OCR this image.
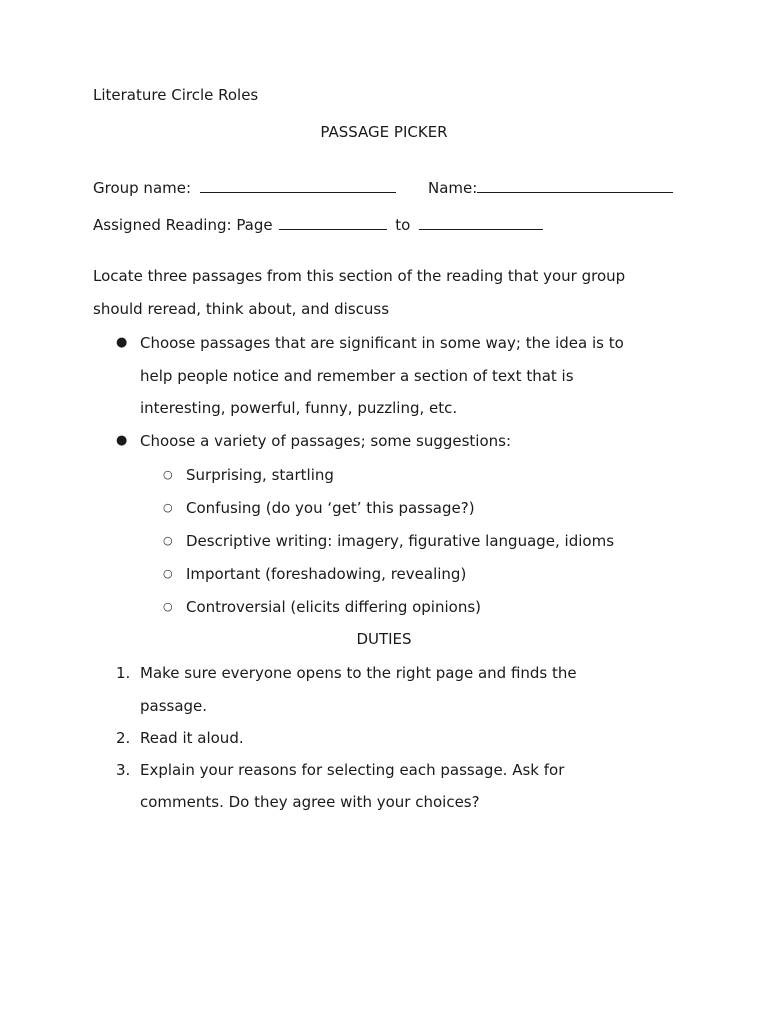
Literature Circle Roles
PASSAGE PICKER
Group name:	Name:
Assigned Reading: Page	to
Locate three passages from this section of the reading that your group
should reread, think about, and discuss
● Choose passages that are significant in some way; the idea is to
help people notice and remember a section of text that is
interesting, powerful, funny, puzzling, etc.
● Choose a variety of passages; some suggestions:
○ Surprising, startling
○ Confusing (do you ‘get’ this passage?)
○ Descriptive writing: imagery, figurative language, idioms
○ Important (foreshadowing, revealing)
○ Controversial (elicits differing opinions)
DUTIES
1. Make sure everyone opens to the right page and finds the
passage.
2. Read it aloud.
3. Explain your reasons for selecting each passage. Ask for
comments. Do they agree with your choices?
